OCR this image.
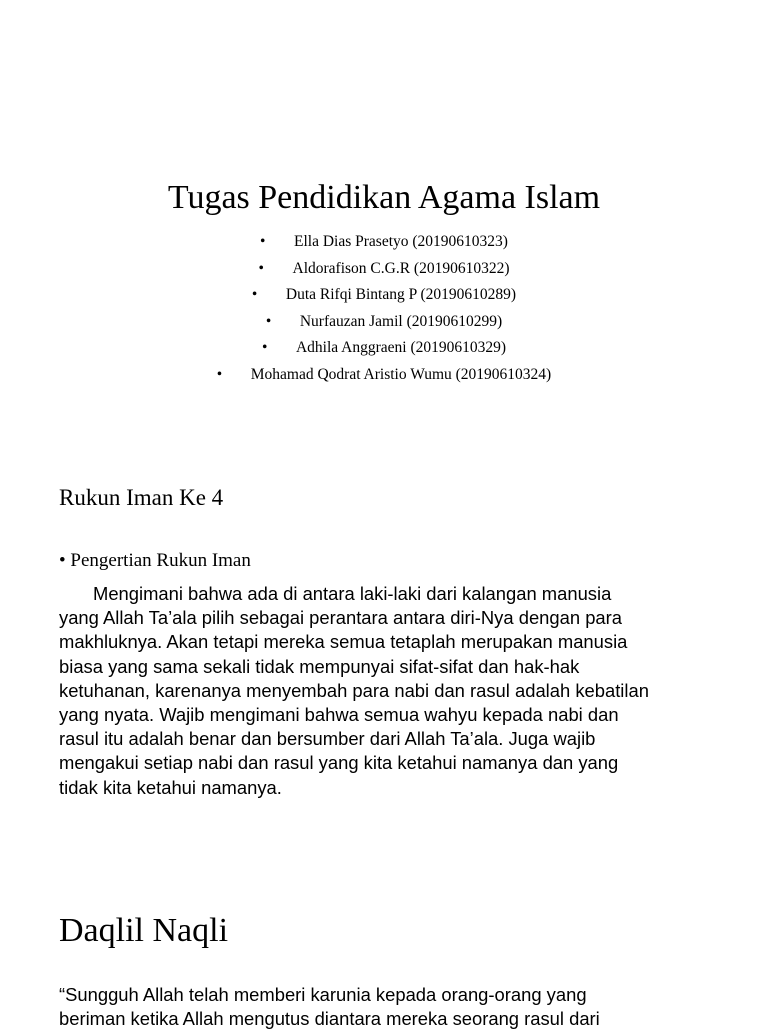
Tugas Pendidikan Agama Islam
• Ella Dias Prasetyo (20190610323)
• Aldorafison C.G.R (20190610322)
• Duta Rifqi Bintang P (20190610289)
• Nurfauzan Jamil (20190610299)
• Adhila Anggraeni (20190610329)
• Mohamad Qodrat Aristio Wumu (20190610324)
Rukun Iman Ke 4
• Pengertian Rukun Iman

Mengimani bahwa ada di antara laki-laki dari kalangan manusia
yang Allah Ta’ala pilih sebagai perantara antara diri-Nya dengan para
makhluknya. Akan tetapi mereka semua tetaplah merupakan manusia
biasa yang sama sekali tidak mempunyai sifat-sifat dan hak-hak
ketuhanan, karenanya menyembah para nabi dan rasul adalah kebatilan
yang nyata. Wajib mengimani bahwa semua wahyu kepada nabi dan
rasul itu adalah benar dan bersumber dari Allah Ta’ala. Juga wajib
mengakui setiap nabi dan rasul yang kita ketahui namanya dan yang
tidak kita ketahui namanya.

Daqlil Naqli

“Sungguh Allah telah memberi karunia kepada orang-orang yang
beriman ketika Allah mengutus diantara mereka seorang rasul dari
